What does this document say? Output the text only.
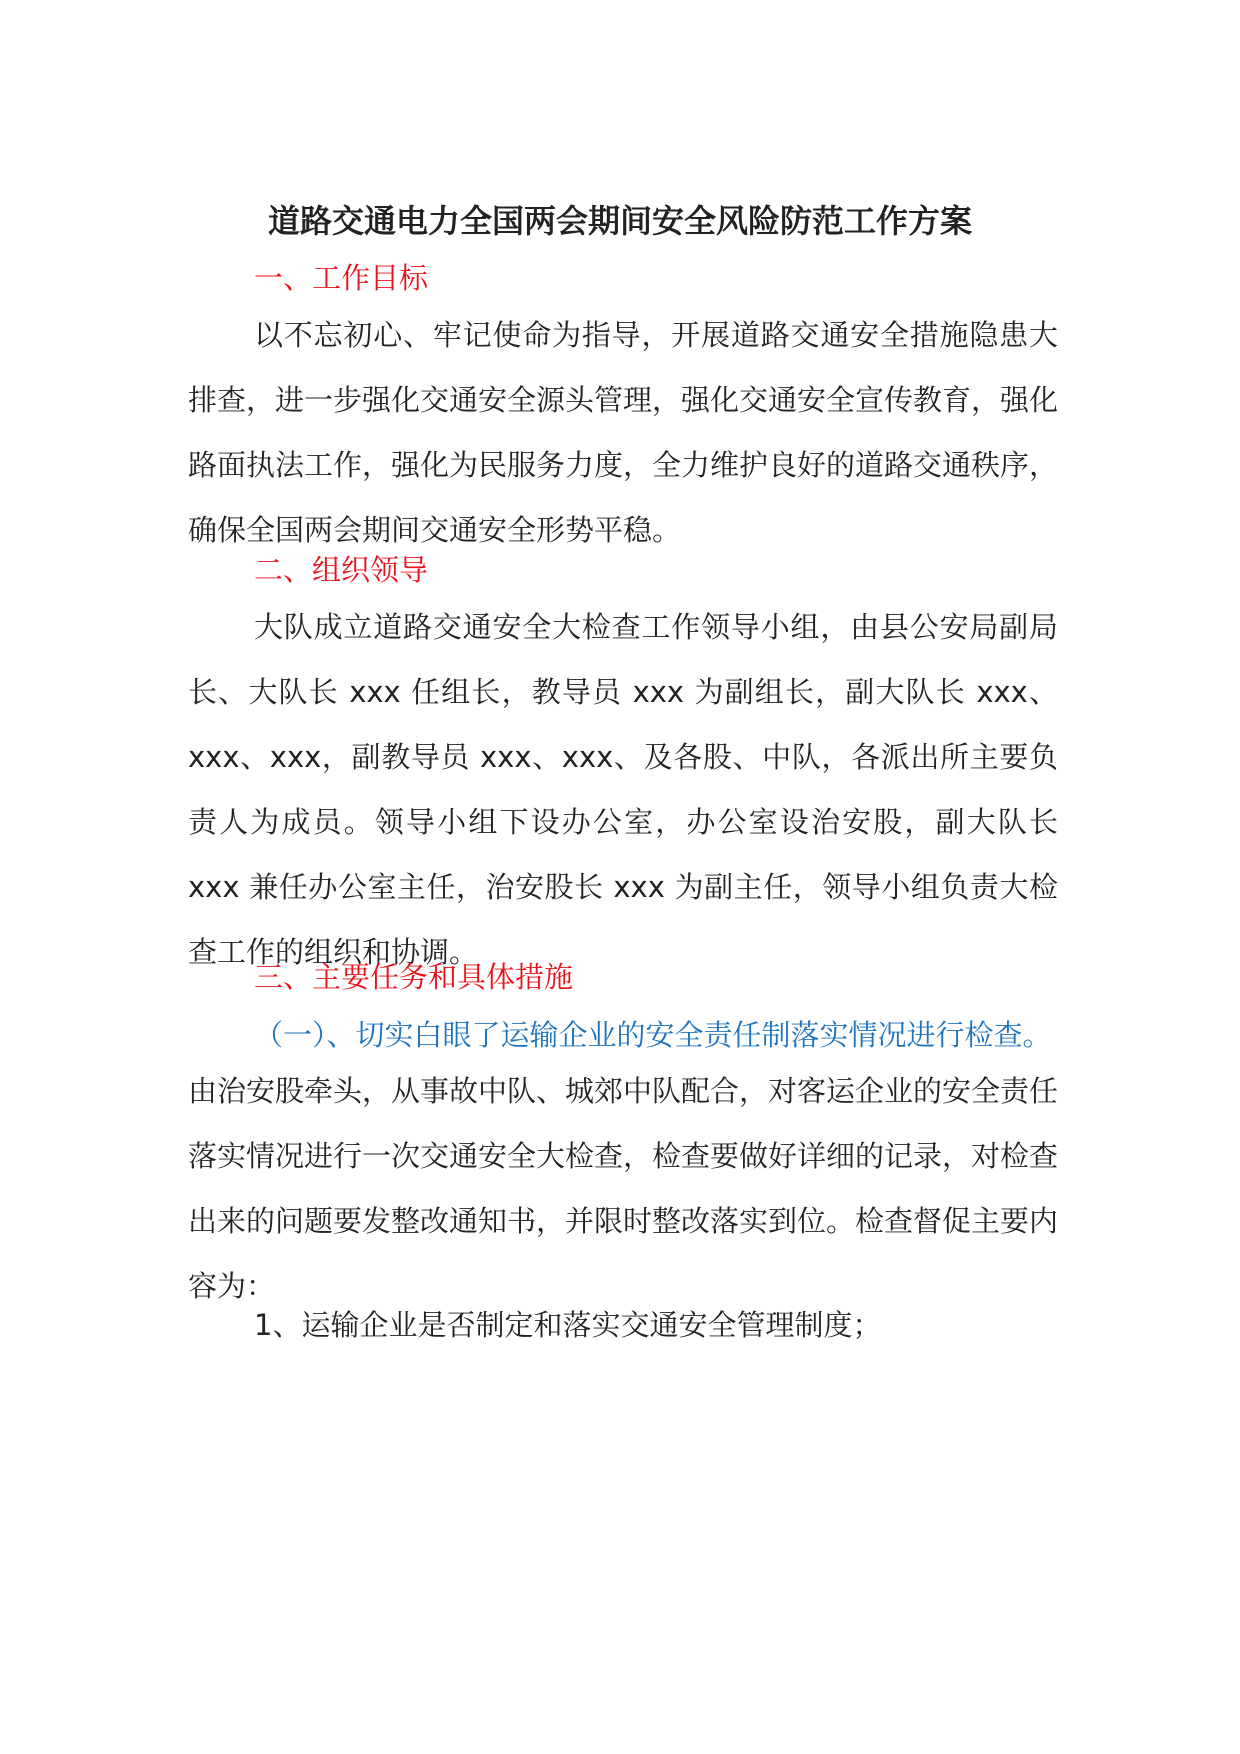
道路交通电力全国两会期间安全风险防范工作方案
一、工作目标
以不忘初心、牢记使命为指导，开展道路交通安全措施隐患大排查，进一步强化交通安全源头管理，强化交通安全宣传教育，强化路面执法工作，强化为民服务力度，全力维护良好的道路交通秩序，确保全国两会期间交通安全形势平稳。
二、组织领导
大队成立道路交通安全大检查工作领导小组，由县公安局副局长、大队长 xxx 任组长，教导员 xxx 为副组长，副大队长 xxx、xxx、xxx，副教导员 xxx、xxx、及各股、中队，各派出所主要负责人为成员。领导小组下设办公室，办公室设治安股，副大队长 xxx 兼任办公室主任，治安股长 xxx 为副主任，领导小组负责大检查工作的组织和协调。
三、主要任务和具体措施
（一）、切实白眼了运输企业的安全责任制落实情况进行检查。
由治安股牵头，从事故中队、城郊中队配合，对客运企业的安全责任落实情况进行一次交通安全大检查，检查要做好详细的记录，对检查出来的问题要发整改通知书，并限时整改落实到位。检查督促主要内容为：
1、运输企业是否制定和落实交通安全管理制度；
